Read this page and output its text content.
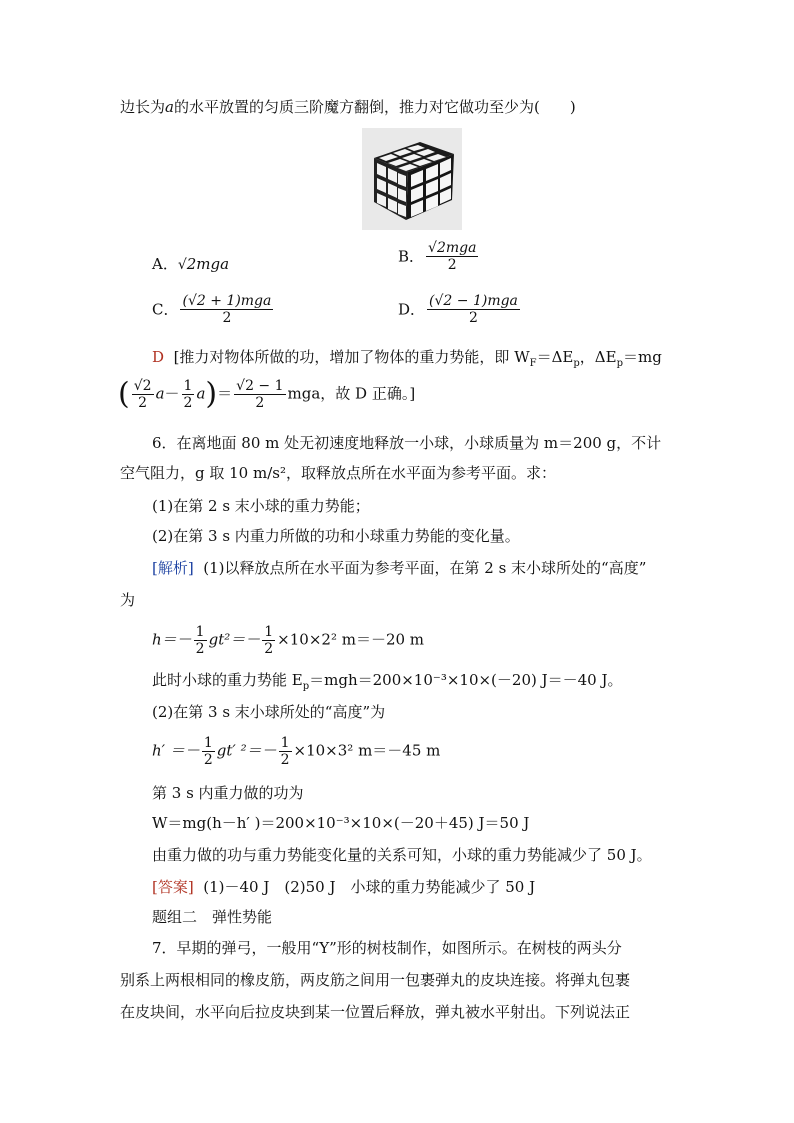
边长为a的水平放置的匀质三阶魔方翻倒，推力对它做功至少为(　　)
A．√2mga	B． $\frac{\text{√2mga}}{2}$
C． $\frac{\text{(√2 + 1)mga}}{2}$	D． $\frac{\text{(√2 − 1)mga}}{2}$
D [推力对物体所做的功，增加了物体的重力势能，即 $W_F=\Delta E_p$，$\Delta E_p=mg$
( $\frac{√2}{2} a- \frac{1}{2} a)= \frac{√2 - 1}{2}$ mga，故 D 正确。]
6．在离地面 80 m 处无初速度地释放一小球，小球质量为 m＝200 g，不计
空气阻力，g 取 10 m/s²，取释放点所在水平面为参考平面。求：
(1)在第 2 s 末小球的重力势能；
(2)在第 3 s 内重力所做的功和小球重力势能的变化量。
[解析] (1)以释放点所在水平面为参考平面，在第 2 s 末小球所处的“高度”
为
$h=- \frac{1}{2} gt^2=- \frac{1}{2} \times 10\times 2^2$ m＝－20 m
此时小球的重力势能 $E_p=mgh=200\times 10^{-3}\times 10\times(-20)$ J＝－40 J。
(2)在第 3 s 末小球所处的“高度”为
$h' =- \frac{1}{2} gt'$ $^2=- \frac{1}{2} \times 10\times 3^2$ m＝－45 m
第 3 s 内重力做的功为
W＝mg(h－h′ )＝200×10⁻³×10×(－20＋45) J＝50 J
由重力做的功与重力势能变化量的关系可知，小球的重力势能减少了 50 J。
[答案] (1)－40 J　(2)50 J　小球的重力势能减少了 50 J
题组二　弹性势能
7．早期的弹弓，一般用“Y”形的树枝制作，如图所示。在树枝的两头分
别系上两根相同的橡皮筋，两皮筋之间用一包裹弹丸的皮块连接。将弹丸包裹
在皮块间，水平向后拉皮块到某一位置后释放，弹丸被水平射出。下列说法正
